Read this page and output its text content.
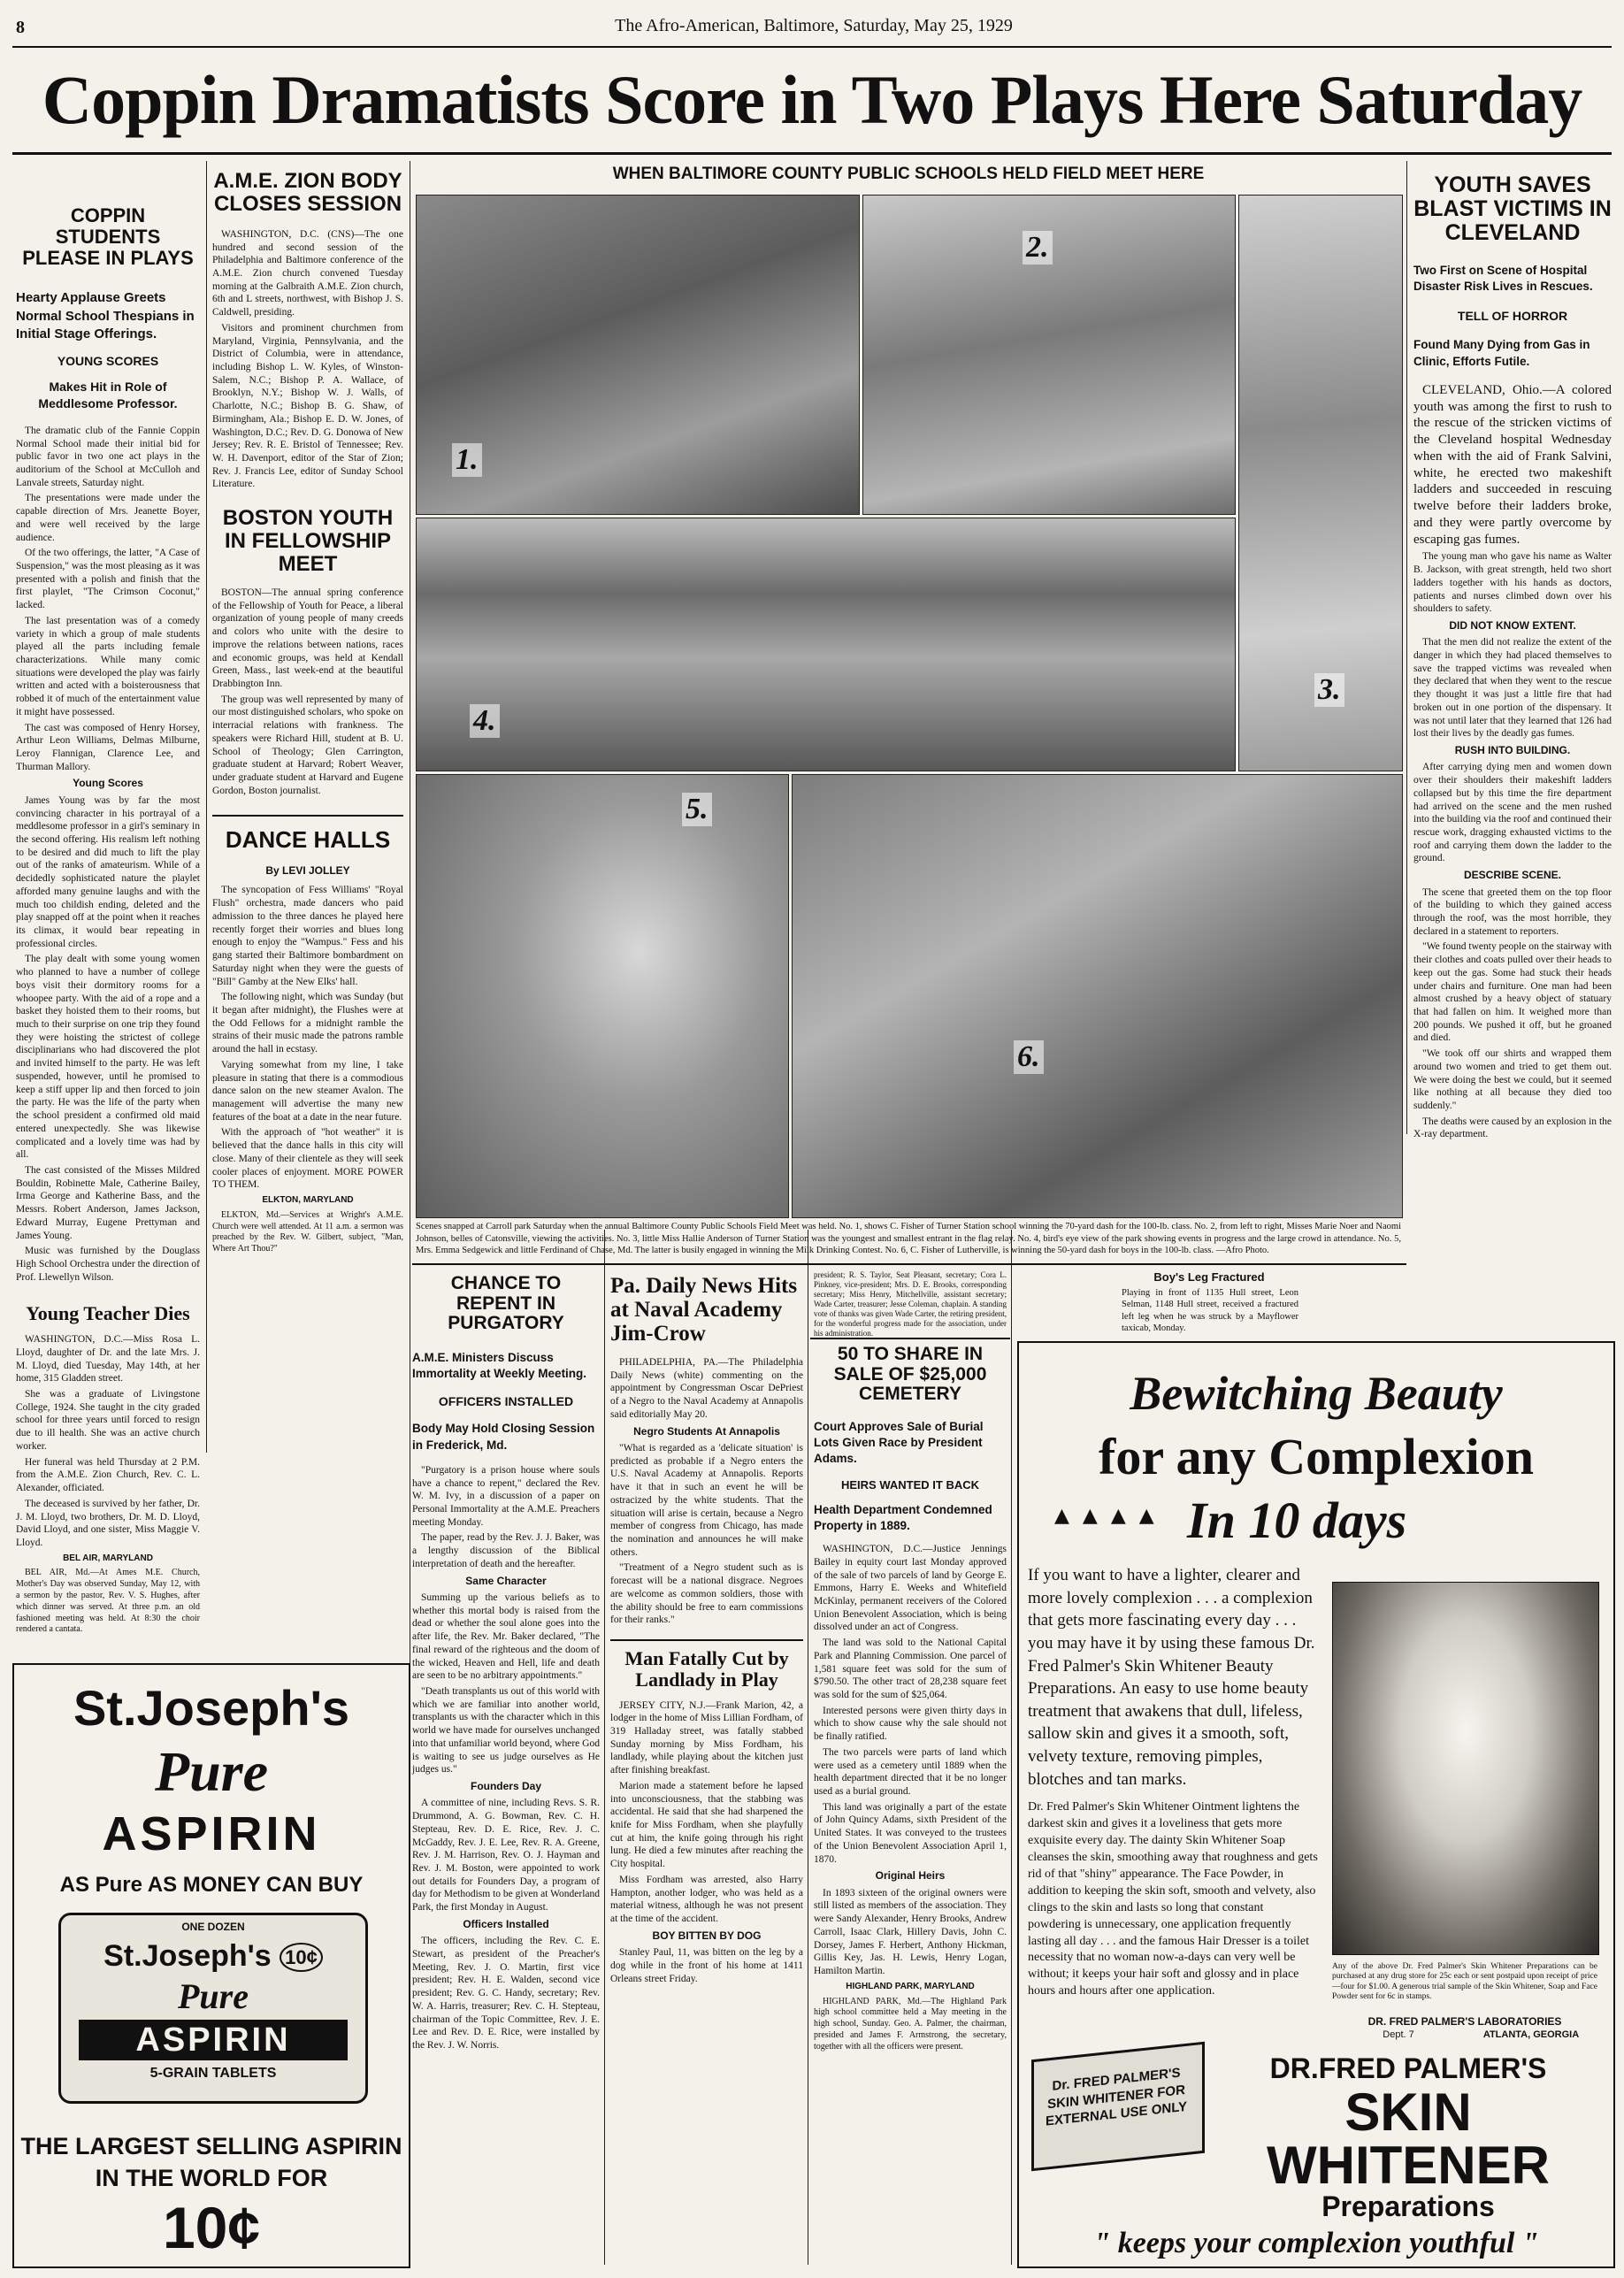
8	The Afro-American, Baltimore, Saturday, May 25, 1929
Coppin Dramatists Score in Two Plays Here Saturday
COPPIN STUDENTS PLEASE IN PLAYS
Hearty Applause Greets Normal School Thespians in Initial Stage Offerings.
YOUNG SCORES
Makes Hit in Role of Meddlesome Professor.

The dramatic club of the Fannie Coppin Normal School made their initial bid for public favor in two one act plays in the auditorium of the School at McCulloh and Lanvale streets, Saturday night.

The presentations were made under the capable direction of Mrs. Jeanette Boyer, and were well received by the large audience.

Of the two offerings, the latter, "A Case of Suspension," was the most pleasing as it was presented with a polish and finish that the first playlet, "The Crimson Coconut," lacked.

The last presentation was of a comedy variety in which a group of male students played all the parts including female characterizations. While many comic situations were developed the play was fairly written and acted with a boisterousness that robbed it of much of the entertainment value it might have possessed.

The cast was composed of Henry Horsey, Arthur Leon Williams, Delmas Milburne, Leroy Flannigan, Clarence Lee, and Thurman Mallory.

Young Scores

James Young was by far the most convincing character in his portrayal of a meddlesome professor in a girl's seminary in the second offering. His realism left nothing to be desired and did much to lift the play out of the ranks of amateurism. While of a decidedly sophisticated nature the playlet afforded many genuine laughs and with the much too childish ending, deleted and the play snapped off at the point when it reaches its climax, it would bear repeating in professional circles.

The play dealt with some young women who planned to have a number of college boys visit their dormitory rooms for a whoopee party. With the aid of a rope and a basket they hoisted them to their rooms, but much to their surprise on one trip they found they were hoisting the strictest of college disciplinarians who had discovered the plot and invited himself to the party. He was left suspended, however, until he promised to keep a stiff upper lip and then forced to join the party. He was the life of the party when the school president a confirmed old maid entered unexpectedly. She was likewise complicated and a lovely time was had by all.

The cast consisted of the Misses Mildred Bouldin, Robinette Male, Catherine Bailey, Irma George and Katherine Bass, and the Messrs. Robert Anderson, James Jackson, Edward Murray, Eugene Prettyman and James Young.

Music was furnished by the Douglass High School Orchestra under the direction of Prof. Llewellyn Wilson.

Young Teacher Dies

WASHINGTON, D.C.—Miss Rosa L. Lloyd, daughter of Dr. and the late Mrs. J. M. Lloyd, died Tuesday, May 14th, at her home, 315 Gladden street.

She was a graduate of Livingstone College, 1924. She taught in the city graded school for three years until forced to resign due to ill health. She was an active church worker.

Her funeral was held Thursday at 2 P.M. from the A.M.E. Zion Church, Rev. C. L. Alexander, officiated.

The deceased is survived by her father, Dr. J. M. Lloyd, two brothers, Dr. M. D. Lloyd, David Lloyd, and one sister, Miss Maggie V. Lloyd.

BEL AIR, MARYLAND

BEL AIR, Md.—At Ames M.E. Church, Mother's Day was observed Sunday, May 12, with a sermon by the pastor, Rev. V. S. Hughes, after which dinner was served. At three p.m. an old fashioned meeting was held. At 8:30 the choir rendered a cantata.

A.M.E. ZION BODY CLOSES SESSION

WASHINGTON, D.C. (CNS)—The one hundred and second session of the Philadelphia and Baltimore conference of the A.M.E. Zion church convened Tuesday morning at the Galbraith A.M.E. Zion church, 6th and L streets, northwest, with Bishop J. S. Caldwell, presiding.

Visitors and prominent churchmen from Maryland, Virginia, Pennsylvania, and the District of Columbia, were in attendance, including Bishop L. W. Kyles, of Winston-Salem, N.C.; Bishop P. A. Wallace, of Brooklyn, N.Y.; Bishop W. J. Walls, of Charlotte, N.C.; Bishop B. G. Shaw, of Birmingham, Ala.; Bishop E. D. W. Jones, of Washington, D.C.; Rev. D. G. Donowa of New Jersey; Rev. R. E. Bristol of Tennessee; Rev. W. H. Davenport, editor of the Star of Zion; Rev. J. Francis Lee, editor of Sunday School Literature.

BOSTON YOUTH IN FELLOWSHIP MEET

BOSTON—The annual spring conference of the Fellowship of Youth for Peace, a liberal organization of young people of many creeds and colors who unite with the desire to improve the relations between nations, races and economic groups, was held at Kendall Green, Mass., last week-end at the beautiful Drabbington Inn.

The group was well represented by many of our most distinguished scholars, who spoke on interracial relations with frankness. The speakers were Richard Hill, student at B. U. School of Theology; Glen Carrington, graduate student at Harvard; Robert Weaver, under graduate student at Harvard and Eugene Gordon, Boston journalist.

DANCE HALLS
By LEVI JOLLEY

The syncopation of Fess Williams' "Royal Flush" orchestra, made dancers who paid admission to the three dances he played here recently forget their worries and blues long enough to enjoy the "Wampus." Fess and his gang started their Baltimore bombardment on Saturday night when they were the guests of "Bill" Gamby at the New Elks' hall.

The following night, which was Sunday (but it began after midnight), the Flushes were at the Odd Fellows for a midnight ramble the strains of their music made the patrons ramble around the hall in ecstasy.

Varying somewhat from my line, I take pleasure in stating that there is a commodious dance salon on the new steamer Avalon. The management will advertise the many new features of the boat at a date in the near future.

With the approach of "hot weather" it is believed that the dance halls in this city will close. Many of their clientele as they will seek cooler places of enjoyment. MORE POWER TO THEM.

ELKTON, MARYLAND

ELKTON, Md.—Services at Wright's A.M.E. Church were well attended. At 11 a.m. a sermon was preached by the Rev. W. Gilbert, subject, "Man, Where Art Thou?"

WHEN BALTIMORE COUNTY PUBLIC SCHOOLS HELD FIELD MEET HERE
1.
2.
3.
4.
5.
6.
Scenes snapped at Carroll park Saturday when the annual Baltimore County Public Schools Field Meet was held. No. 1, shows C. Fisher of Turner Station school winning the 70-yard dash for the 100-lb. class. No. 2, from left to right, Misses Marie Noer and Naomi Johnson, belles of Catonsville, viewing the activities. No. 3, little Miss Hallie Anderson of Turner Station was the youngest and smallest entrant in the flag relay. No. 4, bird's eye view of the park showing events in progress and the large crowd in attendance. No. 5, Mrs. Emma Sedgewick and little Ferdinand of Chase, Md. The latter is busily engaged in winning the Milk Drinking Contest. No. 6, C. Fisher of Lutherville, is winning the 50-yard dash for boys in the 100-lb. class. —Afro Photo.
CHANCE TO REPENT IN PURGATORY
A.M.E. Ministers Discuss Immortality at Weekly Meeting.
OFFICERS INSTALLED
Body May Hold Closing Session in Frederick, Md.

"Purgatory is a prison house where souls have a chance to repent," declared the Rev. W. M. Ivy, in a discussion of a paper on Personal Immortality at the A.M.E. Preachers meeting Monday.

The paper, read by the Rev. J. J. Baker, was a lengthy discussion of the Biblical interpretation of death and the hereafter.

Same Character

Summing up the various beliefs as to whether this mortal body is raised from the dead or whether the soul alone goes into the after life, the Rev. Mr. Baker declared, "The final reward of the righteous and the doom of the wicked, Heaven and Hell, life and death are seen to be no arbitrary appointments."

"Death transplants us out of this world with which we are familiar into another world, transplants us with the character which in this world we have made for ourselves unchanged into that unfamiliar world beyond, where God is waiting to see us judge ourselves as He judges us."

Founders Day

A committee of nine, including Revs. S. R. Drummond, A. G. Bowman, Rev. C. H. Stepteau, Rev. D. E. Rice, Rev. J. C. McGaddy, Rev. J. E. Lee, Rev. R. A. Greene, Rev. J. M. Harrison, Rev. O. J. Hayman and Rev. J. M. Boston, were appointed to work out details for Founders Day, a program of day for Methodism to be given at Wonderland Park, the first Monday in August.

Officers Installed

The officers, including the Rev. C. E. Stewart, as president of the Preacher's Meeting, Rev. J. O. Martin, first vice president; Rev. H. E. Walden, second vice president; Rev. G. C. Handy, secretary; Rev. W. A. Harris, treasurer; Rev. C. H. Stepteau, chairman of the Topic Committee, Rev. J. E. Lee and Rev. D. E. Rice, were installed by the Rev. J. W. Norris.

Pa. Daily News Hits at Naval Academy Jim-Crow

PHILADELPHIA, PA.—The Philadelphia Daily News (white) commenting on the appointment by Congressman Oscar DePriest of a Negro to the Naval Academy at Annapolis said editorially May 20.

Negro Students At Annapolis

"What is regarded as a 'delicate situation' is predicted as probable if a Negro enters the U.S. Naval Academy at Annapolis. Reports have it that in such an event he will be ostracized by the white students. That the situation will arise is certain, because a Negro member of congress from Chicago, has made the nomination and announces he will make others.

"Treatment of a Negro student such as is forecast will be a national disgrace. Negroes are welcome as common soldiers, those with the ability should be free to earn commissions for their ranks."

Man Fatally Cut by Landlady in Play

JERSEY CITY, N.J.—Frank Marion, 42, a lodger in the home of Miss Lillian Fordham, of 319 Halladay street, was fatally stabbed Sunday morning by Miss Fordham, his landlady, while playing about the kitchen just after finishing breakfast.

Marion made a statement before he lapsed into unconsciousness, that the stabbing was accidental. He said that she had sharpened the knife for Miss Fordham, when she playfully cut at him, the knife going through his right lung. He died a few minutes after reaching the City hospital.

Miss Fordham was arrested, also Harry Hampton, another lodger, who was held as a material witness, although he was not present at the time of the accident.

BOY BITTEN BY DOG

Stanley Paul, 11, was bitten on the leg by a dog while in the front of his home at 1411 Orleans street Friday.

president; R. S. Taylor, Seat Pleasant, secretary; Cora L. Pinkney, vice-president; Mrs. D. E. Brooks, corresponding secretary; Miss Henry, Mitchellville, assistant secretary; Wade Carter, treasurer; Jesse Coleman, chaplain. A standing vote of thanks was given Wade Carter, the retiring president, for the wonderful progress made for the association, under his administration.
50 TO SHARE IN SALE OF $25,000 CEMETERY
Court Approves Sale of Burial Lots Given Race by President Adams.
HEIRS WANTED IT BACK
Health Department Condemned Property in 1889.

WASHINGTON, D.C.—Justice Jennings Bailey in equity court last Monday approved of the sale of two parcels of land by George E. Emmons, Harry E. Weeks and Whitefield McKinlay, permanent receivers of the Colored Union Benevolent Association, which is being dissolved under an act of Congress.

The land was sold to the National Capital Park and Planning Commission. One parcel of 1,581 square feet was sold for the sum of $790.50. The other tract of 28,238 square feet was sold for the sum of $25,064.

Interested persons were given thirty days in which to show cause why the sale should not be finally ratified.

The two parcels were parts of land which were used as a cemetery until 1889 when the health department directed that it be no longer used as a burial ground.

This land was originally a part of the estate of John Quincy Adams, sixth President of the United States. It was conveyed to the trustees of the Union Benevolent Association April 1, 1870.

Original Heirs

In 1893 sixteen of the original owners were still listed as members of the association. They were Sandy Alexander, Henry Brooks, Andrew Carroll, Isaac Clark, Hillery Davis, John C. Dorsey, James F. Herbert, Anthony Hickman, Gillis Key, Jas. H. Lewis, Henry Logan, Hamilton Martin.

HIGHLAND PARK, MARYLAND

HIGHLAND PARK, Md.—The Highland Park high school committee held a May meeting in the high school, Sunday. Geo. A. Palmer, the chairman, presided and James F. Armstrong, the secretary, together with all the officers were present.

Boy's Leg Fractured
Playing in front of 1135 Hull street, Leon Selman, 1148 Hull street, received a fractured left leg when he was struck by a Mayflower taxicab, Monday.
YOUTH SAVES BLAST VICTIMS IN CLEVELAND
Two First on Scene of Hospital Disaster Risk Lives in Rescues.
TELL OF HORROR
Found Many Dying from Gas in Clinic, Efforts Futile.

CLEVELAND, Ohio.—A colored youth was among the first to rush to the rescue of the stricken victims of the Cleveland hospital Wednesday when with the aid of Frank Salvini, white, he erected two makeshift ladders and succeeded in rescuing twelve before their ladders broke, and they were partly overcome by escaping gas fumes.

The young man who gave his name as Walter B. Jackson, with great strength, held two short ladders together with his hands as doctors, patients and nurses climbed down over his shoulders to safety.

DID NOT KNOW EXTENT.

That the men did not realize the extent of the danger in which they had placed themselves to save the trapped victims was revealed when they declared that when they went to the rescue they thought it was just a little fire that had broken out in one portion of the dispensary. It was not until later that they learned that 126 had lost their lives by the deadly gas fumes.

RUSH INTO BUILDING.

After carrying dying men and women down over their shoulders their makeshift ladders collapsed but by this time the fire department had arrived on the scene and the men rushed into the building via the roof and continued their rescue work, dragging exhausted victims to the roof and carrying them down the ladder to the ground.

DESCRIBE SCENE.

The scene that greeted them on the top floor of the building to which they gained access through the roof, was the most horrible, they declared in a statement to reporters.

"We found twenty people on the stairway with their clothes and coats pulled over their heads to keep out the gas. Some had stuck their heads under chairs and furniture. One man had been almost crushed by a heavy object of statuary that had fallen on him. It weighed more than 200 pounds. We pushed it off, but he groaned and died.

"We took off our shirts and wrapped them around two women and tried to get them out. We were doing the best we could, but it seemed like nothing at all because they died too suddenly."

The deaths were caused by an explosion in the X-ray department.

St.Joseph's
Pure
ASPIRIN
AS Pure AS MONEY CAN BUY
ONE DOZEN
St.Joseph's 10¢
Pure
ASPIRIN
5-GRAIN TABLETS
THE LARGEST SELLING ASPIRIN
IN THE WORLD FOR
10¢
Bewitching Beauty
for any Complexion
▲ ▲ ▲ ▲ In 10 days

If you want to have a lighter, clearer and more lovely complexion . . . a complexion that gets more fascinating every day . . . you may have it by using these famous Dr. Fred Palmer's Skin Whitener Beauty Preparations. An easy to use home beauty treatment that awakens that dull, lifeless, sallow skin and gives it a smooth, soft, velvety texture, removing pimples, blotches and tan marks.

Dr. Fred Palmer's Skin Whitener Ointment lightens the darkest skin and gives it a loveliness that gets more exquisite every day. The dainty Skin Whitener Soap cleanses the skin, smoothing away that roughness and gets rid of that "shiny" appearance. The Face Powder, in addition to keeping the skin soft, smooth and velvety, also clings to the skin and lasts so long that constant powdering is unnecessary, one application frequently lasting all day . . . and the famous Hair Dresser is a toilet necessity that no woman now-a-days can very well be without; it keeps your hair soft and glossy and in place hours and hours after one application.

Any of the above Dr. Fred Palmer's Skin Whitener Preparations can be purchased at any drug store for 25c each or sent postpaid upon receipt of price—four for $1.00. A generous trial sample of the Skin Whitener, Soap and Face Powder sent for 6c in stamps.
DR. FRED PALMER'S LABORATORIES
Dept. 7	ATLANTA, GEORGIA
Dr. FRED PALMER'S SKIN WHITENER FOR EXTERNAL USE ONLY
DR.FRED PALMER'S
SKIN
WHITENER
Preparations
" keeps your complexion youthful "
